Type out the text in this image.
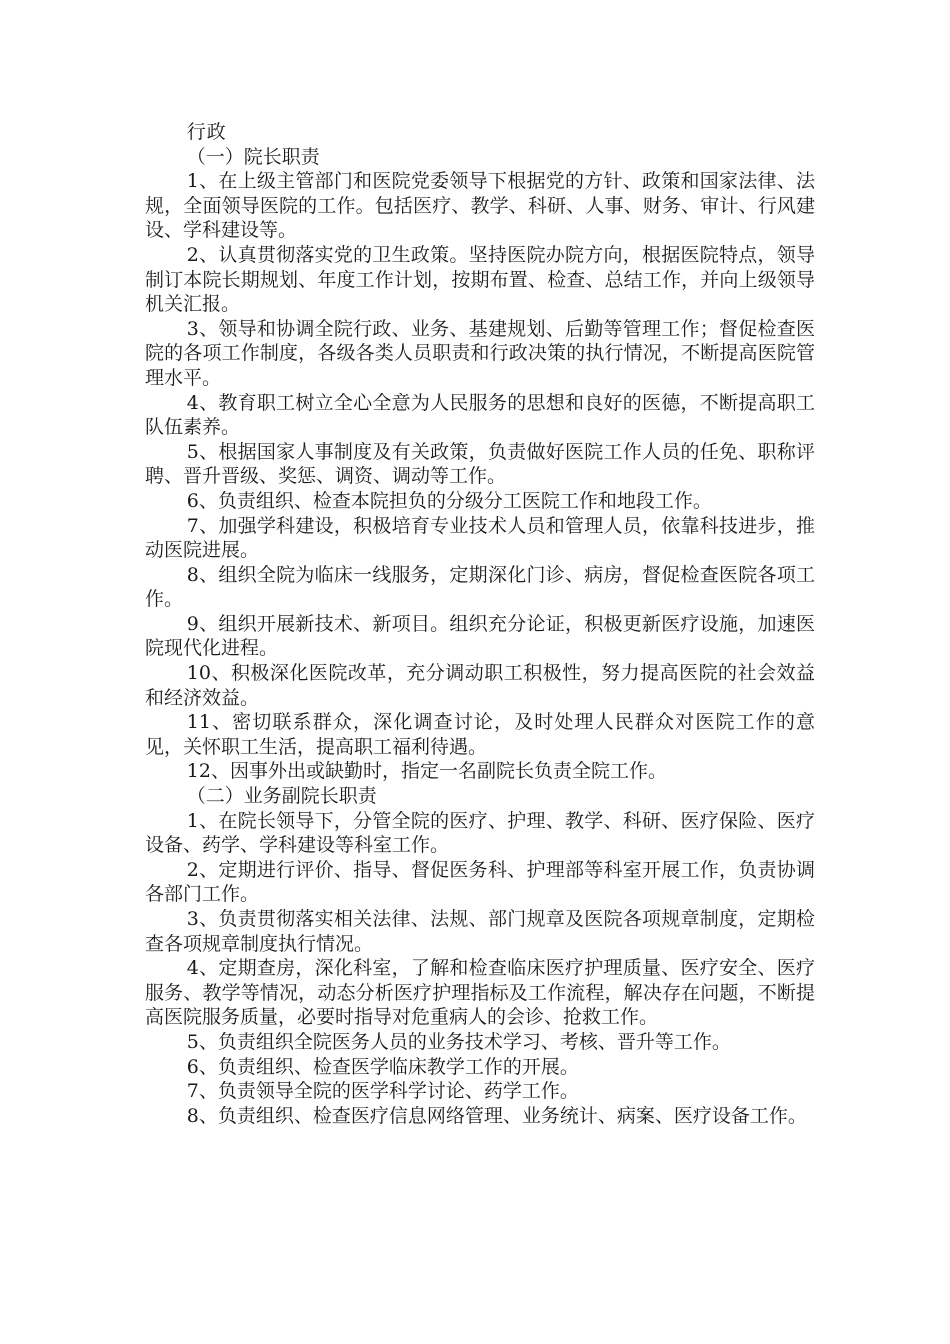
行政

（一）院长职责

1、在上级主管部门和医院党委领导下根据党的方针、政策和国家法律、法规，全面领导医院的工作。包括医疗、教学、科研、人事、财务、审计、行风建设、学科建设等。

2、认真贯彻落实党的卫生政策。坚持医院办院方向，根据医院特点，领导制订本院长期规划、年度工作计划，按期布置、检查、总结工作，并向上级领导机关汇报。

3、领导和协调全院行政、业务、基建规划、后勤等管理工作；督促检查医院的各项工作制度，各级各类人员职责和行政决策的执行情况，不断提高医院管理水平。

4、教育职工树立全心全意为人民服务的思想和良好的医德，不断提高职工队伍素养。

5、根据国家人事制度及有关政策，负责做好医院工作人员的任免、职称评聘、晋升晋级、奖惩、调资、调动等工作。

6、负责组织、检查本院担负的分级分工医院工作和地段工作。

7、加强学科建设，积极培育专业技术人员和管理人员，依靠科技进步，推动医院进展。

8、组织全院为临床一线服务，定期深化门诊、病房，督促检查医院各项工作。

9、组织开展新技术、新项目。组织充分论证，积极更新医疗设施，加速医院现代化进程。

10、积极深化医院改革，充分调动职工积极性，努力提高医院的社会效益和经济效益。

11、密切联系群众，深化调查讨论，及时处理人民群众对医院工作的意见，关怀职工生活，提高职工福利待遇。

12、因事外出或缺勤时，指定一名副院长负责全院工作。

（二）业务副院长职责

1、在院长领导下，分管全院的医疗、护理、教学、科研、医疗保险、医疗设备、药学、学科建设等科室工作。

2、定期进行评价、指导、督促医务科、护理部等科室开展工作，负责协调各部门工作。

3、负责贯彻落实相关法律、法规、部门规章及医院各项规章制度，定期检查各项规章制度执行情况。

4、定期查房，深化科室，了解和检查临床医疗护理质量、医疗安全、医疗服务、教学等情况，动态分析医疗护理指标及工作流程，解决存在问题，不断提高医院服务质量，必要时指导对危重病人的会诊、抢救工作。

5、负责组织全院医务人员的业务技术学习、考核、晋升等工作。

6、负责组织、检查医学临床教学工作的开展。

7、负责领导全院的医学科学讨论、药学工作。

8、负责组织、检查医疗信息网络管理、业务统计、病案、医疗设备工作。
